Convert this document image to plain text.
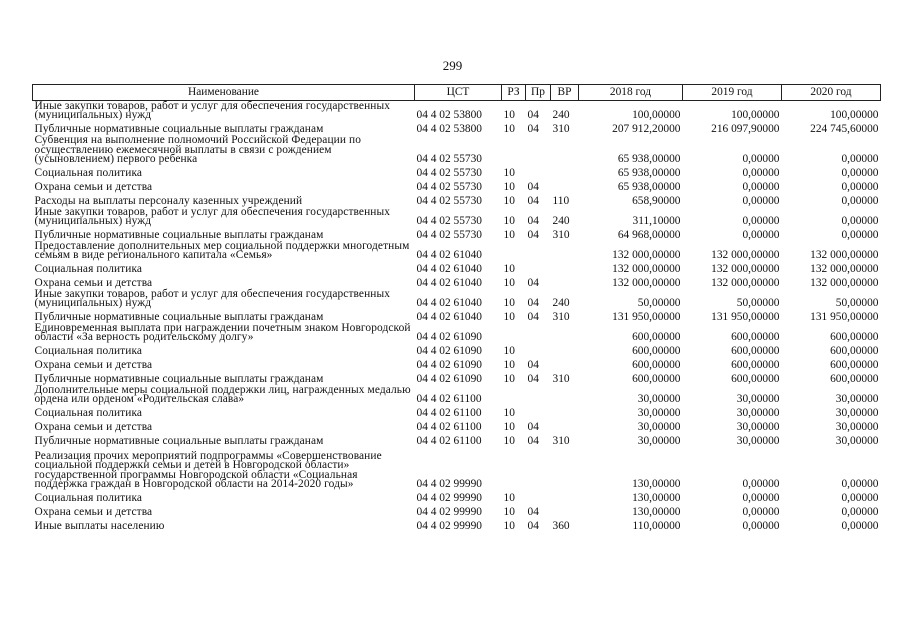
299
Наименование	ЦСТ	РЗ	Пр	ВР	2018 год	2019 год	2020 год
Иные закупки товаров, работ и услуг для обеспечения государственных (муниципальных) нужд	04 4 02 53800	10	04	240	100,00000	100,00000	100,00000
Публичные нормативные социальные выплаты гражданам	04 4 02 53800	10	04	310	207 912,20000	216 097,90000	224 745,60000
Субвенция на выполнение полномочий Российской Федерации по осуществлению ежемесячной выплаты в связи с рождением (усыновлением) первого ребенка	04 4 02 55730				65 938,00000	0,00000	0,00000
Социальная политика	04 4 02 55730	10			65 938,00000	0,00000	0,00000
Охрана семьи и детства	04 4 02 55730	10	04		65 938,00000	0,00000	0,00000
Расходы на выплаты персоналу казенных учреждений	04 4 02 55730	10	04	110	658,90000	0,00000	0,00000
Иные закупки товаров, работ и услуг для обеспечения государственных (муниципальных) нужд	04 4 02 55730	10	04	240	311,10000	0,00000	0,00000
Публичные нормативные социальные выплаты гражданам	04 4 02 55730	10	04	310	64 968,00000	0,00000	0,00000
Предоставление дополнительных мер социальной поддержки многодетным семьям в виде регионального капитала «Семья»	04 4 02 61040				132 000,00000	132 000,00000	132 000,00000
Социальная политика	04 4 02 61040	10			132 000,00000	132 000,00000	132 000,00000
Охрана семьи и детства	04 4 02 61040	10	04		132 000,00000	132 000,00000	132 000,00000
Иные закупки товаров, работ и услуг для обеспечения государственных (муниципальных) нужд	04 4 02 61040	10	04	240	50,00000	50,00000	50,00000
Публичные нормативные социальные выплаты гражданам	04 4 02 61040	10	04	310	131 950,00000	131 950,00000	131 950,00000
Единовременная выплата при награждении почетным знаком Новгородской области «За верность родительскому долгу»	04 4 02 61090				600,00000	600,00000	600,00000
Социальная политика	04 4 02 61090	10			600,00000	600,00000	600,00000
Охрана семьи и детства	04 4 02 61090	10	04		600,00000	600,00000	600,00000
Публичные нормативные социальные выплаты гражданам	04 4 02 61090	10	04	310	600,00000	600,00000	600,00000
Дополнительные меры социальной поддержки лиц, награжденных медалью ордена или орденом «Родительская слава»	04 4 02 61100				30,00000	30,00000	30,00000
Социальная политика	04 4 02 61100	10			30,00000	30,00000	30,00000
Охрана семьи и детства	04 4 02 61100	10	04		30,00000	30,00000	30,00000
Публичные нормативные социальные выплаты гражданам	04 4 02 61100	10	04	310	30,00000	30,00000	30,00000
Реализация прочих мероприятий подпрограммы «Совершенствование социальной поддержки семьи и детей в Новгородской области» государственной программы Новгородской области «Социальная поддержка граждан в Новгородской области на 2014-2020 годы»	04 4 02 99990				130,00000	0,00000	0,00000
Социальная политика	04 4 02 99990	10			130,00000	0,00000	0,00000
Охрана семьи и детства	04 4 02 99990	10	04		130,00000	0,00000	0,00000
Иные выплаты населению	04 4 02 99990	10	04	360	110,00000	0,00000	0,00000
